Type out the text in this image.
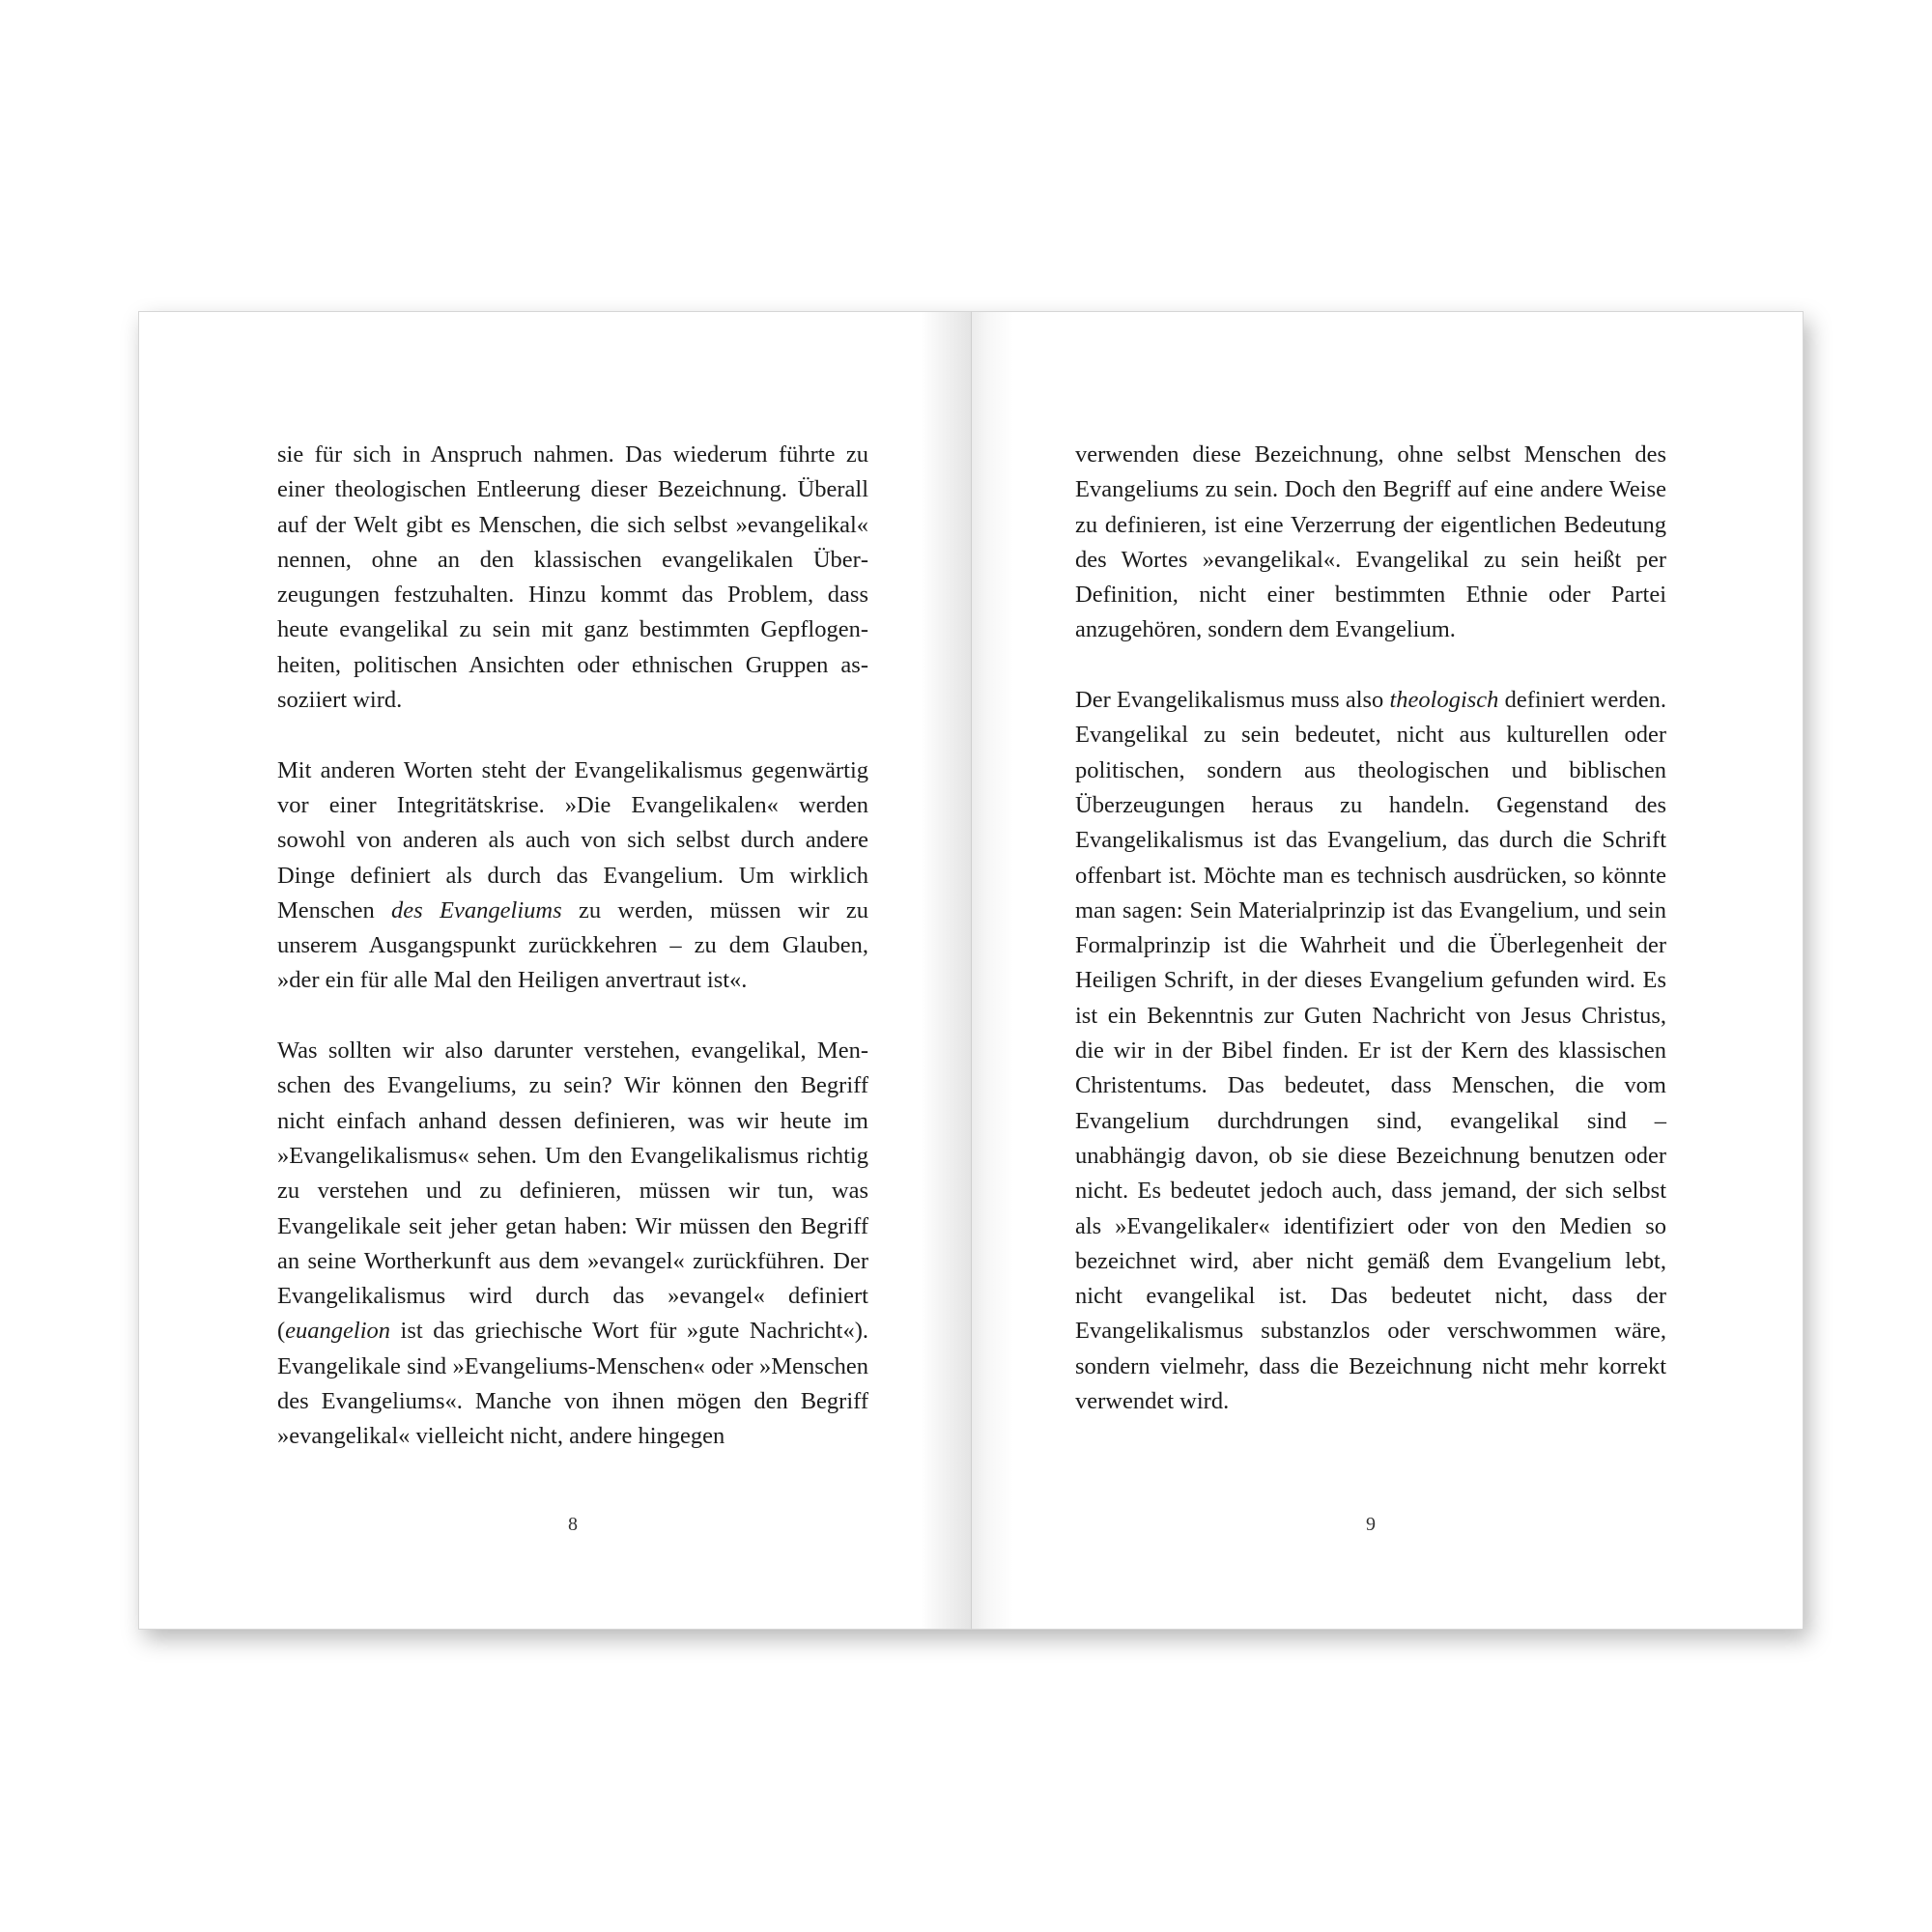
sie für sich in Anspruch nahmen. Das wiederum führte zu einer theologischen Entleerung dieser Bezeichnung. Überall auf der Welt gibt es Menschen, die sich selbst »evangelikal« nennen, ohne an den klassischen evangelikalen Überzeugungen festzuhalten. Hinzu kommt das Problem, dass heute evangelikal zu sein mit ganz bestimmten Gepflogenheiten, politischen Ansichten oder ethnischen Gruppen assoziiert wird.

Mit anderen Worten steht der Evangelikalismus gegenwärtig vor einer Integritätskrise. »Die Evangelikalen« werden sowohl von anderen als auch von sich selbst durch andere Dinge definiert als durch das Evangelium. Um wirklich Menschen des Evangeliums zu werden, müssen wir zu unserem Ausgangspunkt zurückkehren – zu dem Glauben, »der ein für alle Mal den Heiligen anvertraut ist«.

Was sollten wir also darunter verstehen, evangelikal, Menschen des Evangeliums, zu sein? Wir können den Begriff nicht einfach anhand dessen definieren, was wir heute im »Evangelikalismus« sehen. Um den Evangelikalismus richtig zu verstehen und zu definieren, müssen wir tun, was Evangelikale seit jeher getan haben: Wir müssen den Begriff an seine Wortherkunft aus dem »evangel« zurückführen. Der Evangelikalismus wird durch das »evangel« definiert (euangelion ist das griechische Wort für »gute Nachricht«). Evangelikale sind »Evangeliums-Menschen« oder »Menschen des Evangeliums«. Manche von ihnen mögen den Begriff »evangelikal« vielleicht nicht, andere hingegen

8

verwenden diese Bezeichnung, ohne selbst Menschen des Evangeliums zu sein. Doch den Begriff auf eine andere Weise zu definieren, ist eine Verzerrung der eigentlichen Bedeutung des Wortes »evangelikal«. Evangelikal zu sein heißt per Definition, nicht einer bestimmten Ethnie oder Partei anzugehören, sondern dem Evangelium.

Der Evangelikalismus muss also theologisch definiert werden. Evangelikal zu sein bedeutet, nicht aus kulturellen oder politischen, sondern aus theologischen und biblischen Überzeugungen heraus zu handeln. Gegenstand des Evangelikalismus ist das Evangelium, das durch die Schrift offenbart ist. Möchte man es technisch ausdrücken, so könnte man sagen: Sein Materialprinzip ist das Evangelium, und sein Formalprinzip ist die Wahrheit und die Überlegenheit der Heiligen Schrift, in der dieses Evangelium gefunden wird. Es ist ein Bekenntnis zur Guten Nachricht von Jesus Christus, die wir in der Bibel finden. Er ist der Kern des klassischen Christentums. Das bedeutet, dass Menschen, die vom Evangelium durchdrungen sind, evangelikal sind – unabhängig davon, ob sie diese Bezeichnung benutzen oder nicht. Es bedeutet jedoch auch, dass jemand, der sich selbst als »Evangelikaler« identifiziert oder von den Medien so bezeichnet wird, aber nicht gemäß dem Evangelium lebt, nicht evangelikal ist. Das bedeutet nicht, dass der Evangelikalismus substanzlos oder verschwommen wäre, sondern vielmehr, dass die Bezeichnung nicht mehr korrekt verwendet wird.

9
